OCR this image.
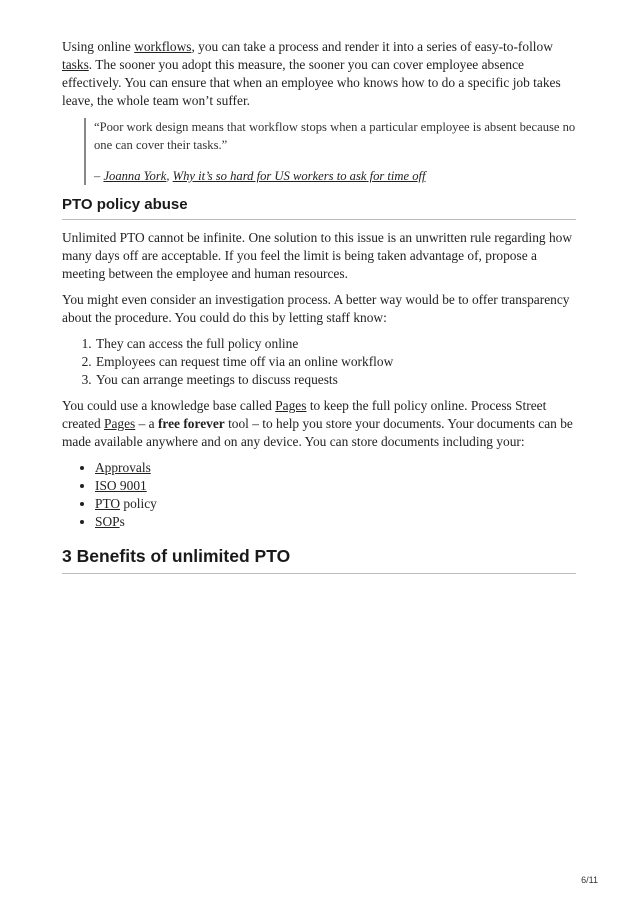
Using online workflows, you can take a process and render it into a series of easy-to-follow tasks. The sooner you adopt this measure, the sooner you can cover employee absence effectively. You can ensure that when an employee who knows how to do a specific job takes leave, the whole team won’t suffer.

“Poor work design means that workflow stops when a particular employee is absent because no one can cover their tasks.”

– Joanna York, Why it’s so hard for US workers to ask for time off

PTO policy abuse

Unlimited PTO cannot be infinite. One solution to this issue is an unwritten rule regarding how many days off are acceptable. If you feel the limit is being taken advantage of, propose a meeting between the employee and human resources.

You might even consider an investigation process. A better way would be to offer transparency about the procedure. You could do this by letting staff know:

1. They can access the full policy online
2. Employees can request time off via an online workflow
3. You can arrange meetings to discuss requests

You could use a knowledge base called Pages to keep the full policy online. Process Street created Pages – a free forever tool – to help you store your documents. Your documents can be made available anywhere and on any device. You can store documents including your:

• Approvals
• ISO 9001
• PTO policy
• SOPs
3 Benefits of unlimited PTO
6/11
